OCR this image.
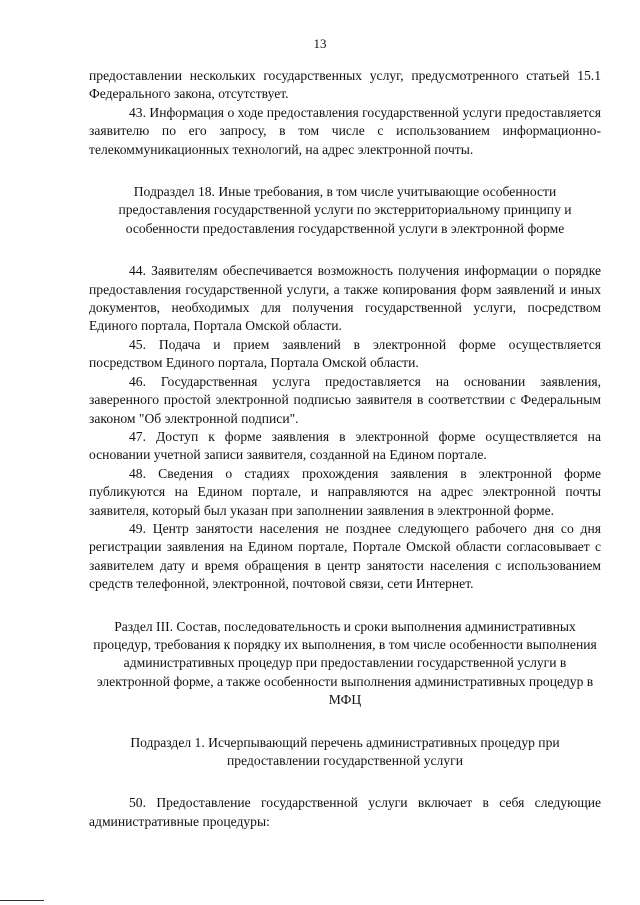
13

предоставлении нескольких государственных услуг, предусмотренного статьей 15.1 Федерального закона, отсутствует.

43. Информация о ходе предоставления государственной услуги предоставляется заявителю по его запросу, в том числе с использованием информационно-телекоммуникационных технологий, на адрес электронной почты.

Подраздел 18. Иные требования, в том числе учитывающие особенности предоставления государственной услуги по экстерриториальному принципу и особенности предоставления государственной услуги в электронной форме

44. Заявителям обеспечивается возможность получения информации о порядке предоставления государственной услуги, а также копирования форм заявлений и иных документов, необходимых для получения государственной услуги, посредством Единого портала, Портала Омской области.

45. Подача и прием заявлений в электронной форме осуществляется посредством Единого портала, Портала Омской области.

46. Государственная услуга предоставляется на основании заявления, заверенного простой электронной подписью заявителя в соответствии с Федеральным законом "Об электронной подписи".

47. Доступ к форме заявления в электронной форме осуществляется на основании учетной записи заявителя, созданной на Едином портале.

48. Сведения о стадиях прохождения заявления в электронной форме публикуются на Едином портале, и направляются на адрес электронной почты заявителя, который был указан при заполнении заявления в электронной форме.

49. Центр занятости населения не позднее следующего рабочего дня со дня регистрации заявления на Едином портале, Портале Омской области согласовывает с заявителем дату и время обращения в центр занятости населения с использованием средств телефонной, электронной, почтовой связи, сети Интернет.

Раздел III. Состав, последовательность и сроки выполнения административных процедур, требования к порядку их выполнения, в том числе особенности выполнения административных процедур при предоставлении государственной услуги в электронной форме, а также особенности выполнения административных процедур в МФЦ

Подраздел 1. Исчерпывающий перечень административных процедур при предоставлении государственной услуги

50. Предоставление государственной услуги включает в себя следующие административные процедуры:
